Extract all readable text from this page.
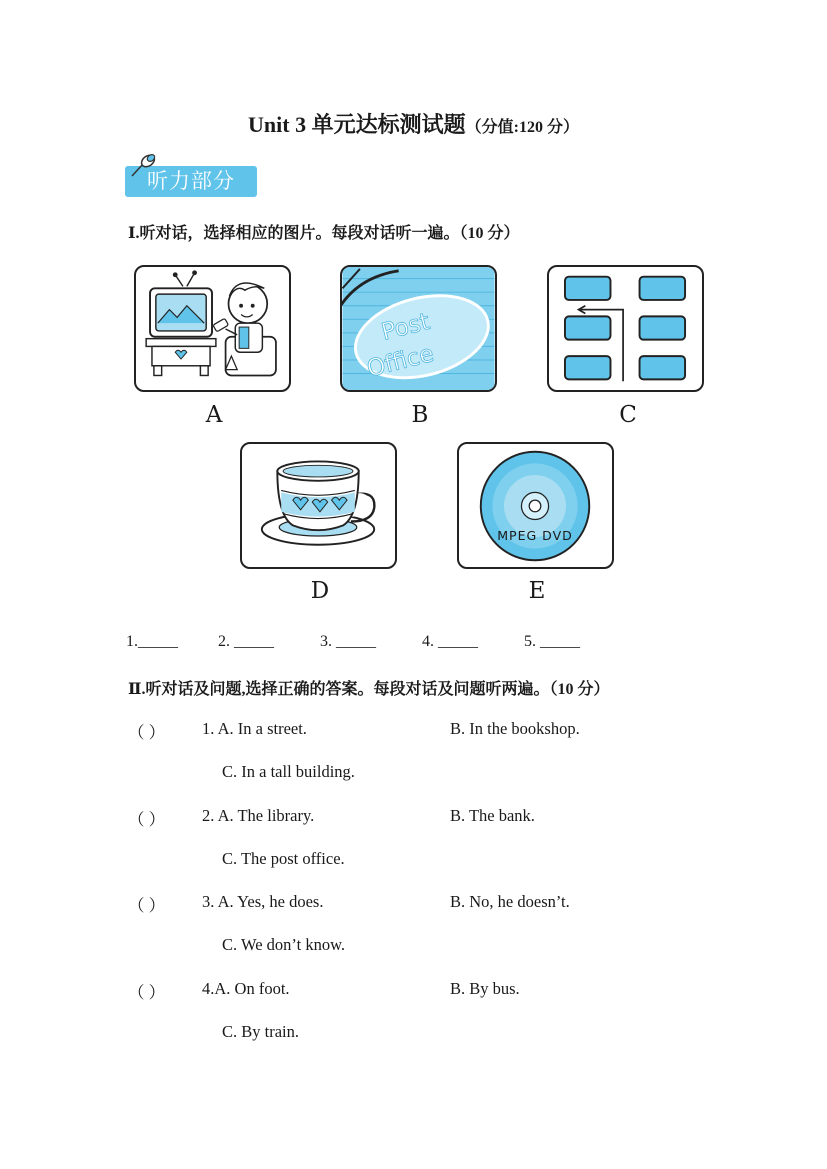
Unit 3 单元达标测试题（分值:120 分）
听力部分
Ⅰ.听对话，选择相应的图片。每段对话听一遍。（10 分）
A
Post
Office
B	C
D
MPEG DVD
E
1._____	2. _____	3. _____	4. _____	5. _____
Ⅱ.听对话及问题,选择正确的答案。每段对话及问题听两遍。（10 分）
（ ） 1. A. In a street.	B. In the bookshop.
C. In a tall building.
（ ） 2. A. The library.	B. The bank.
C. The post office.
（ ） 3. A. Yes, he does.	B. No, he doesn’t.
C. We don’t know.
（ ） 4.A. On foot.	B. By bus.
C. By train.
